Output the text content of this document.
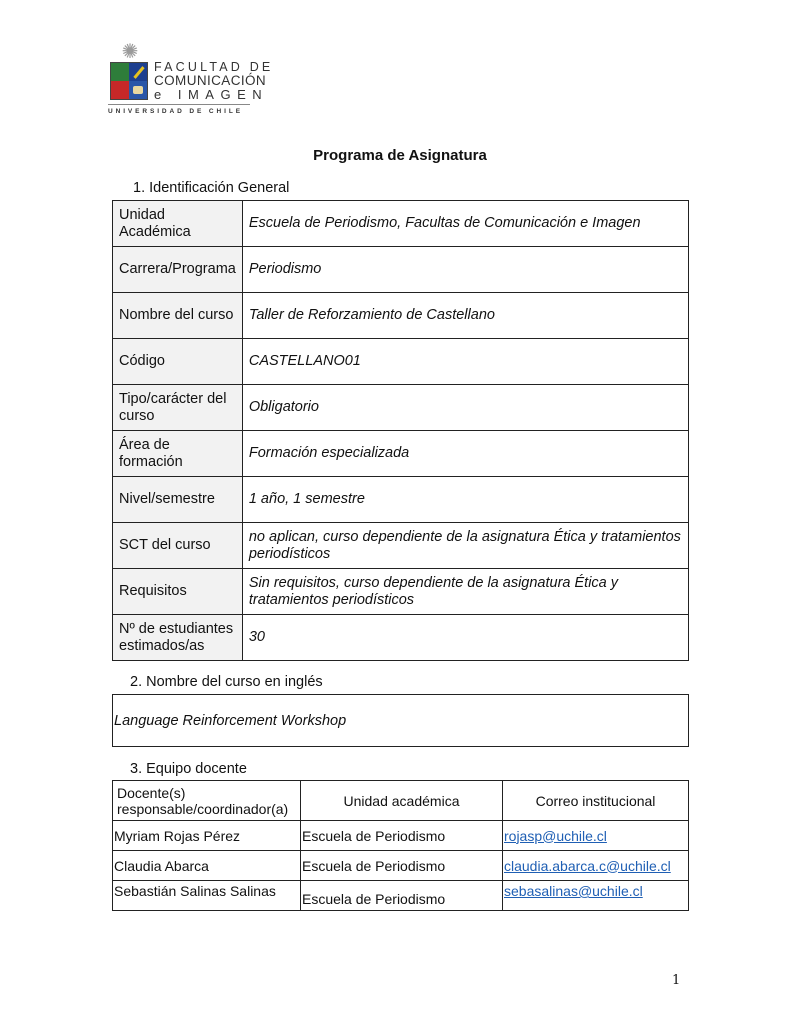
✺
FACULTAD DE
COMUNICACIÓN
e IMAGEN
UNIVERSIDAD DE CHILE
Programa de Asignatura
1. Identificación General
Unidad Académica	Escuela de Periodismo, Facultas de Comunicación e Imagen
Carrera/Programa	Periodismo
Nombre del curso	Taller de Reforzamiento de Castellano
Código	CASTELLANO01
Tipo/carácter del curso	Obligatorio
Área de formación	Formación especializada
Nivel/semestre	1 año, 1 semestre
SCT del curso	no aplican, curso dependiente de la asignatura Ética y tratamientos periodísticos
Requisitos	Sin requisitos, curso dependiente de la asignatura Ética y tratamientos periodísticos
Nº de estudiantes estimados/as	30
2. Nombre del curso en inglés
Language Reinforcement Workshop
3. Equipo docente
Docente(s) responsable/coordinador(a)	Unidad académica	Correo institucional
Myriam Rojas Pérez	Escuela de Periodismo	rojasp@uchile.cl
Claudia Abarca	Escuela de Periodismo	claudia.abarca.c@uchile.cl
Sebastián Salinas Salinas	Escuela de Periodismo	sebasalinas@uchile.cl
1
